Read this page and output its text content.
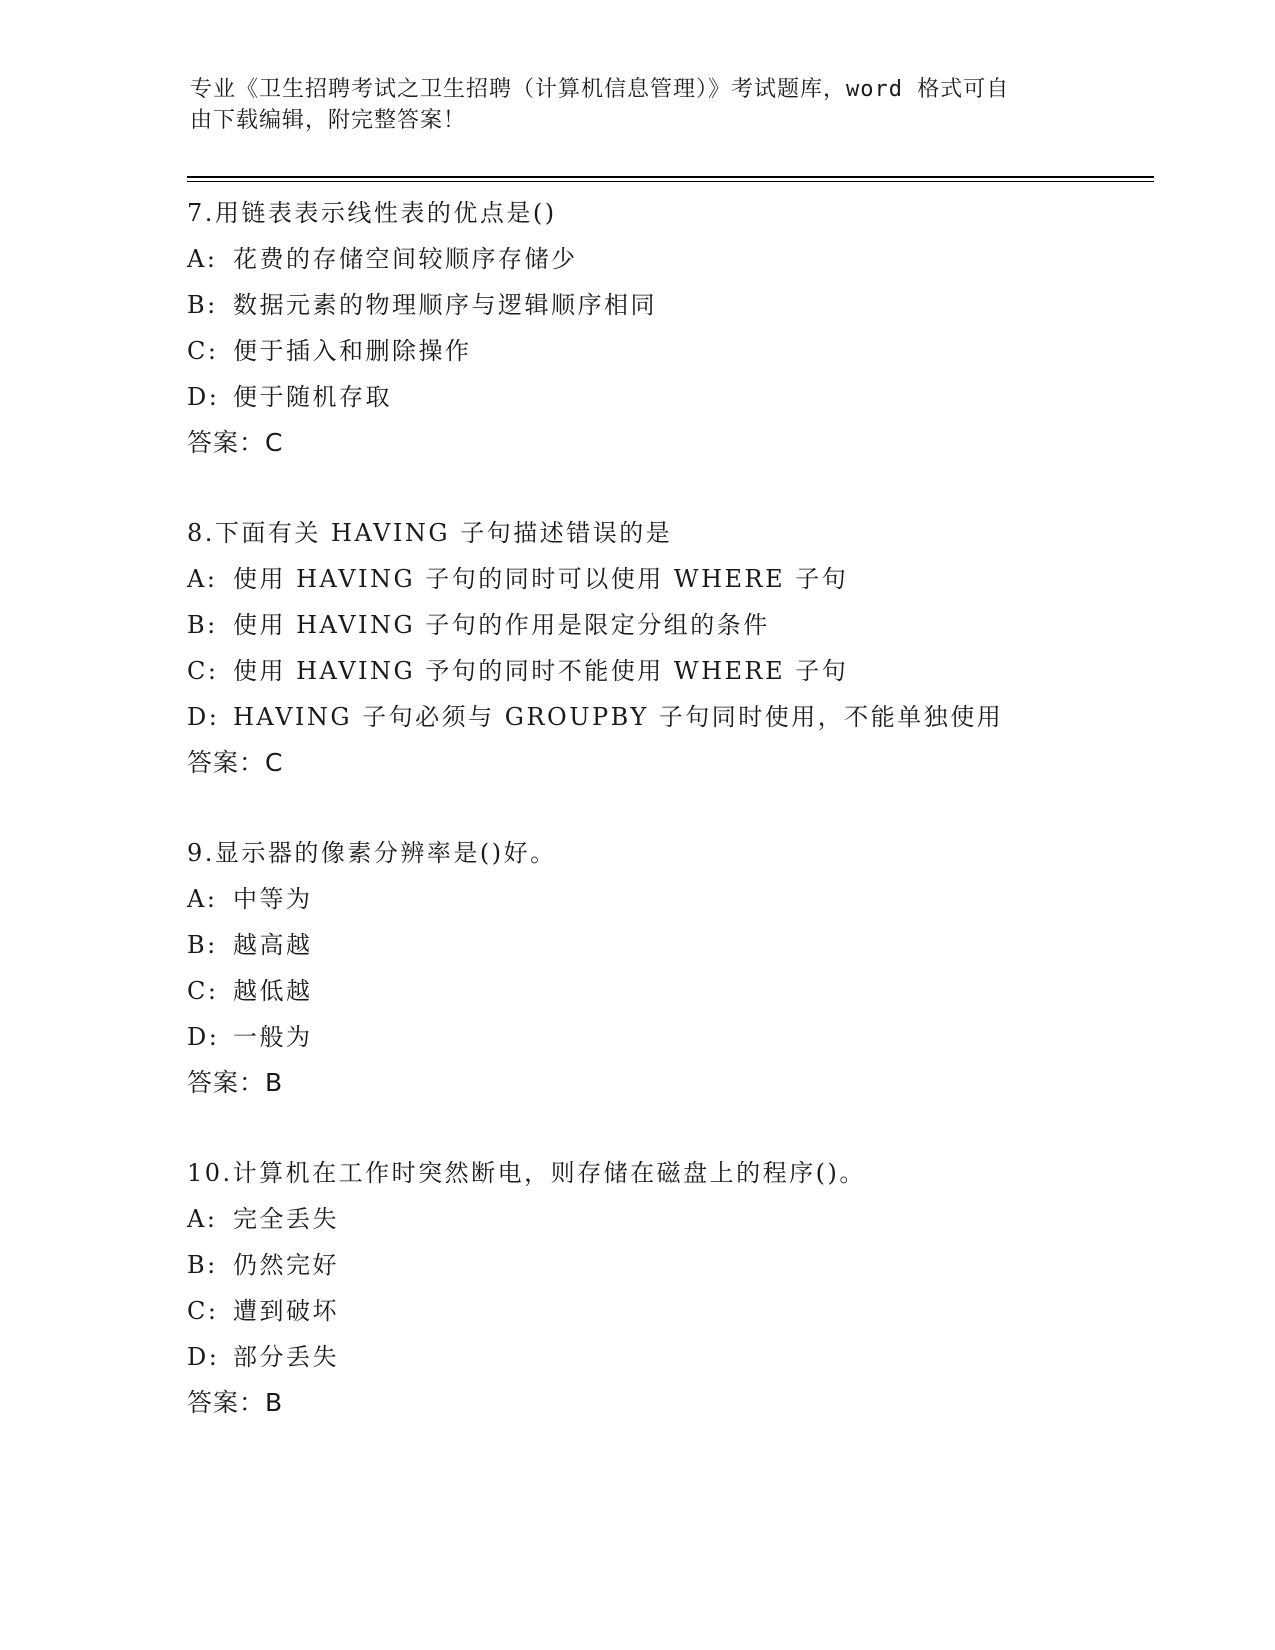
专业《卫生招聘考试之卫生招聘（计算机信息管理）》考试题库，word 格式可自
由下载编辑，附完整答案！
7.用链表表示线性表的优点是()
A: 花费的存储空间较顺序存储少
B: 数据元素的物理顺序与逻辑顺序相同
C: 便于插入和删除操作
D: 便于随机存取
答案：C
8.下面有关 HAVING 子句描述错误的是
A: 使用 HAVING 子句的同时可以使用 WHERE 子句
B: 使用 HAVING 子句的作用是限定分组的条件
C: 使用 HAVING 予句的同时不能使用 WHERE 子句
D: HAVING 子句必须与 GROUPBY 子句同时使用，不能单独使用
答案：C
9.显示器的像素分辨率是()好。
A: 中等为
B: 越高越
C: 越低越
D: 一般为
答案：B
10.计算机在工作时突然断电，则存储在磁盘上的程序()。
A: 完全丢失
B: 仍然完好
C: 遭到破坏
D: 部分丢失
答案：B
